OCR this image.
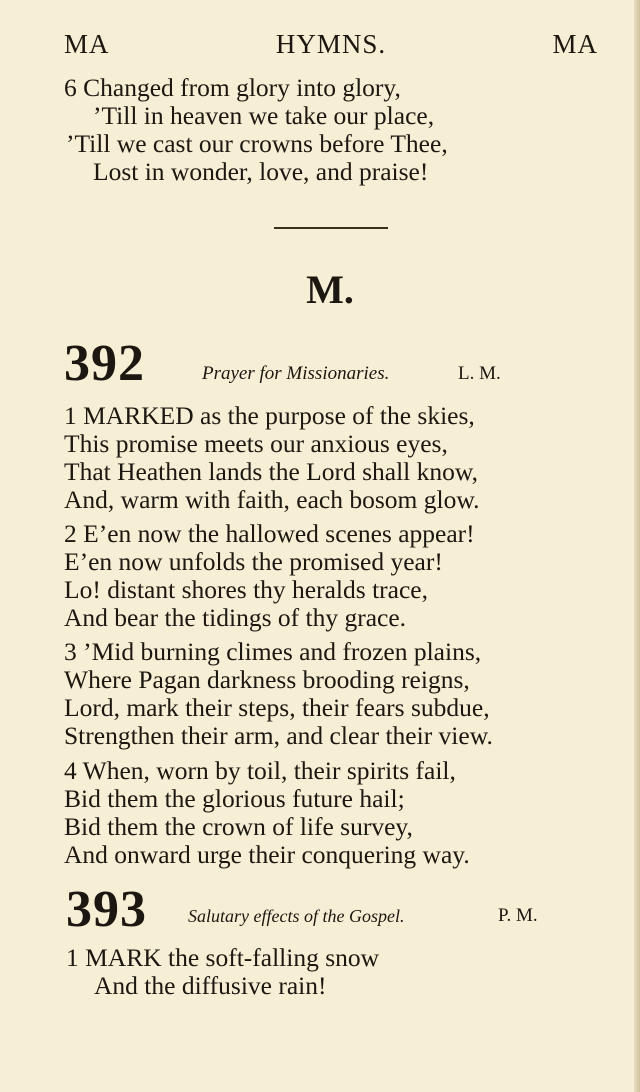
MA	HYMNS.	MA
6 Changed from glory into glory,
’Till in heaven we take our place,
’Till we cast our crowns before Thee,
Lost in wonder, love, and praise!
M.
392	Prayer for Missionaries.	L. M.
1 MARKED as the purpose of the skies,
This promise meets our anxious eyes,
That Heathen lands the Lord shall know,
And, warm with faith, each bosom glow.
2 E’en now the hallowed scenes appear!
E’en now unfolds the promised year!
Lo! distant shores thy heralds trace,
And bear the tidings of thy grace.
3 ’Mid burning climes and frozen plains,
Where Pagan darkness brooding reigns,
Lord, mark their steps, their fears subdue,
Strengthen their arm, and clear their view.
4 When, worn by toil, their spirits fail,
Bid them the glorious future hail;
Bid them the crown of life survey,
And onward urge their conquering way.
393 Salutary effects of the Gospel.	P. M.
1 MARK the soft-falling snow
And the diffusive rain!
